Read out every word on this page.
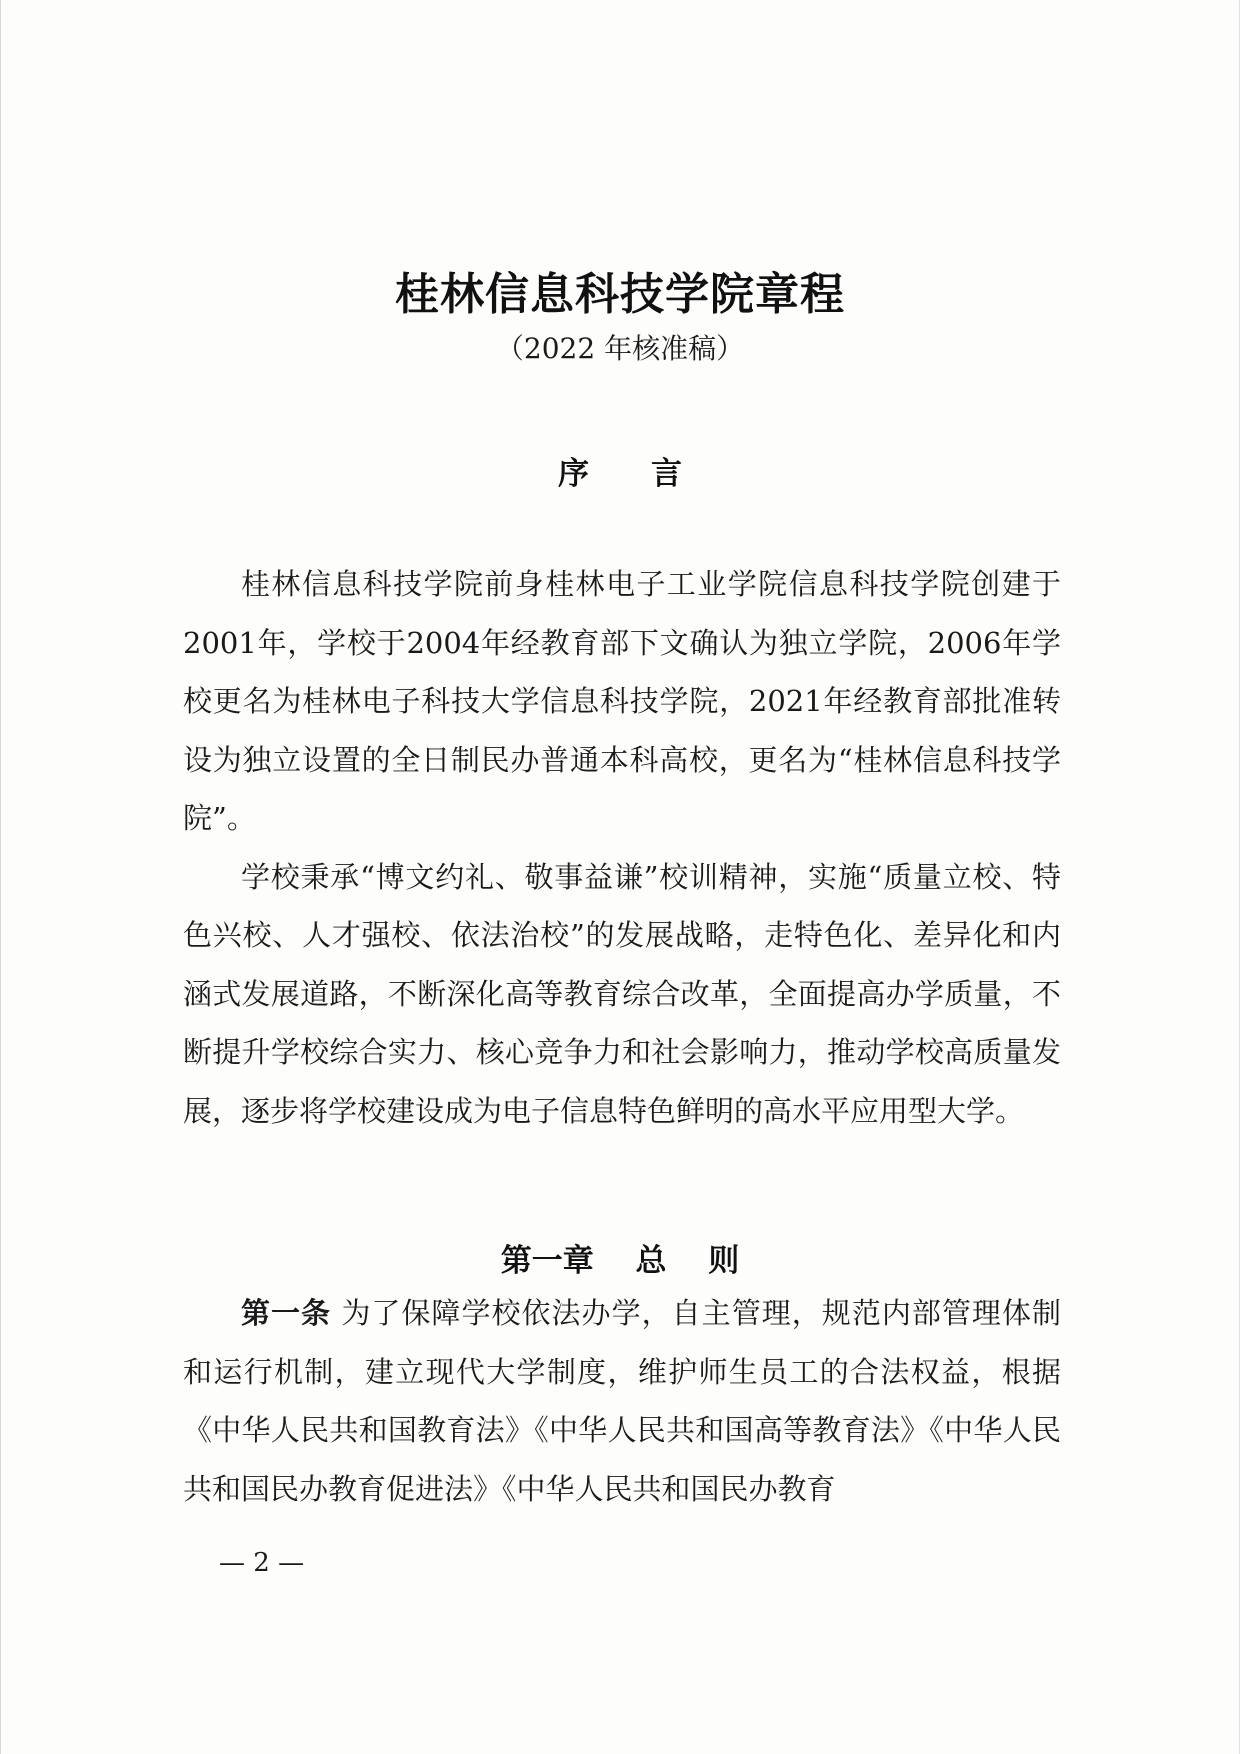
桂林信息科技学院章程
（2022 年核准稿）
序　　言

桂林信息科技学院前身桂林电子工业学院信息科技学院创建于2001年，学校于2004年经教育部下文确认为独立学院，2006年学校更名为桂林电子科技大学信息科技学院，2021年经教育部批准转设为独立设置的全日制民办普通本科高校，更名为“桂林信息科技学院”。

学校秉承“博文约礼、敬事益谦”校训精神，实施“质量立校、特色兴校、人才强校、依法治校”的发展战略，走特色化、差异化和内涵式发展道路，不断深化高等教育综合改革，全面提高办学质量，不断提升学校综合实力、核心竞争力和社会影响力，推动学校高质量发展，逐步将学校建设成为电子信息特色鲜明的高水平应用型大学。

第一章　 总　 则

第一条 为了保障学校依法办学，自主管理，规范内部管理体制和运行机制，建立现代大学制度，维护师生员工的合法权益，根据《中华人民共和国教育法》《中华人民共和国高等教育法》《中华人民共和国民办教育促进法》《中华人民共和国民办教育

— 2 —
